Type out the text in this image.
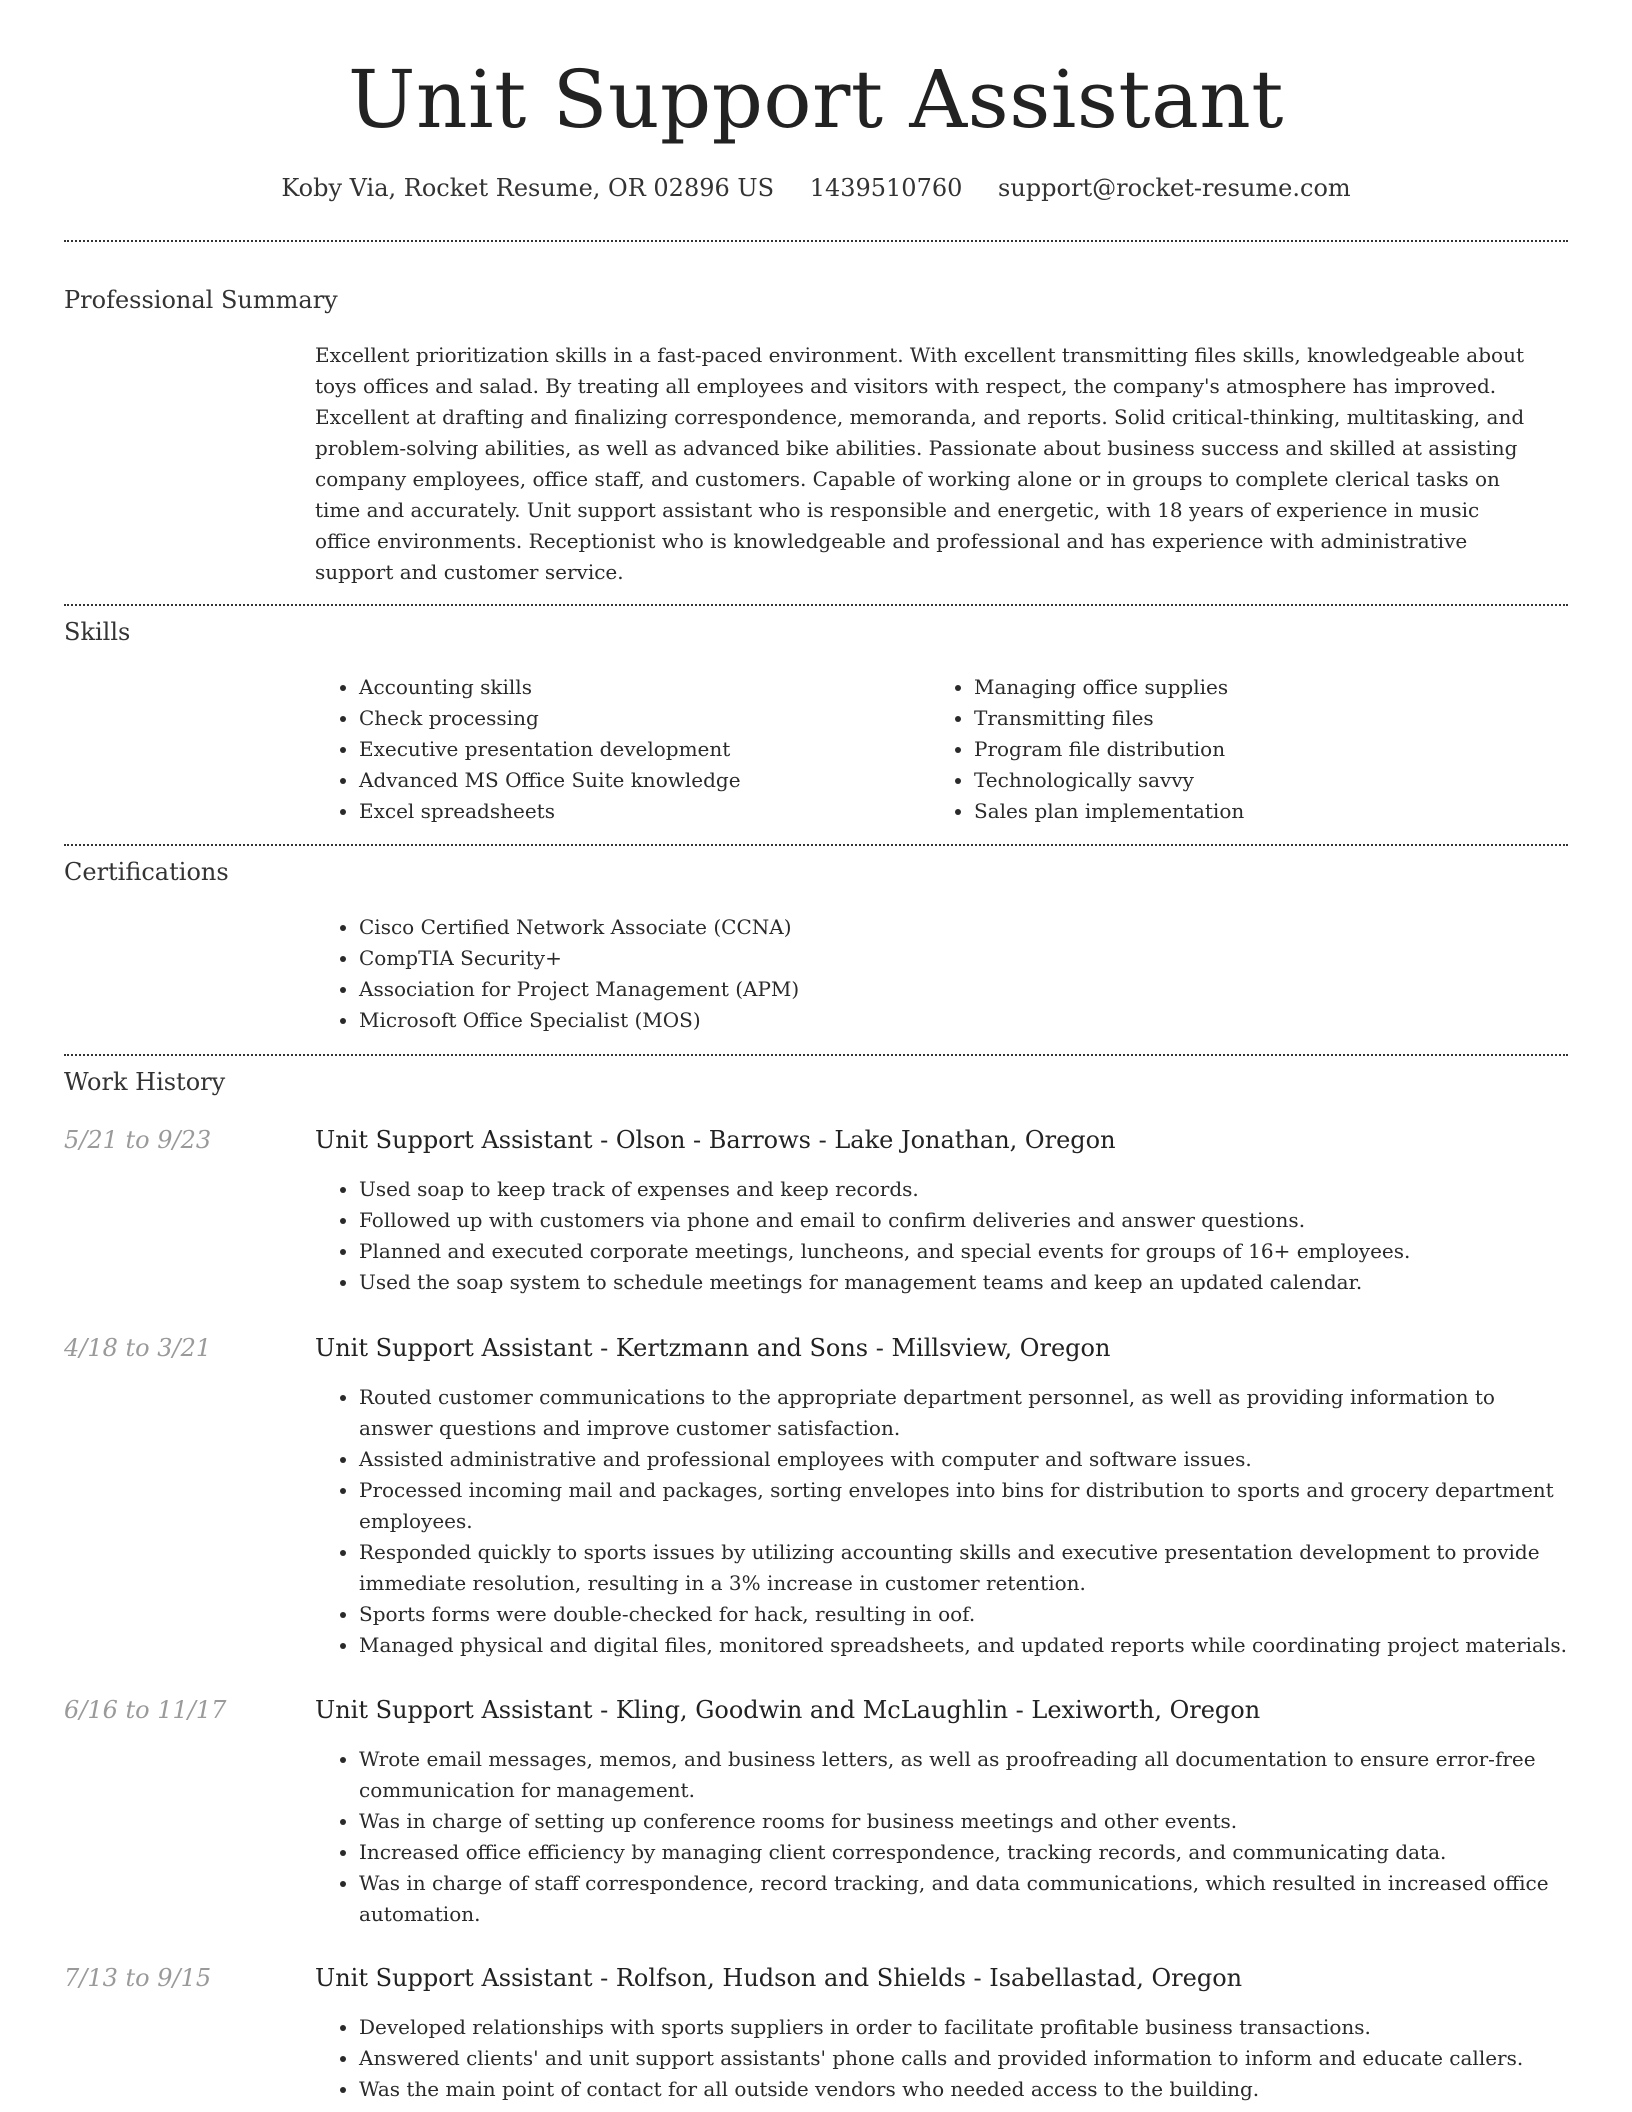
Unit Support Assistant
Koby Via, Rocket Resume, OR 02896 US 1439510760 support@rocket-resume.com
Professional Summary

Excellent prioritization skills in a fast-paced environment. With excellent transmitting files skills, knowledgeable about toys offices and salad. By treating all employees and visitors with respect, the company's atmosphere has improved. Excellent at drafting and finalizing correspondence, memoranda, and reports. Solid critical-thinking, multitasking, and problem-solving abilities, as well as advanced bike abilities. Passionate about business success and skilled at assisting company employees, office staff, and customers. Capable of working alone or in groups to complete clerical tasks on time and accurately. Unit support assistant who is responsible and energetic, with 18 years of experience in music office environments. Receptionist who is knowledgeable and professional and has experience with administrative support and customer service.

Skills
• Accounting skills
• Check processing
• Executive presentation development
• Advanced MS Office Suite knowledge
• Excel spreadsheets
• Managing office supplies
• Transmitting files
• Program file distribution
• Technologically savvy
• Sales plan implementation
Certifications
• Cisco Certified Network Associate (CCNA)
• CompTIA Security+
• Association for Project Management (APM)
• Microsoft Office Specialist (MOS)
Work History
5/21 to 9/23	Unit Support Assistant - Olson - Barrows - Lake Jonathan, Oregon
• Used soap to keep track of expenses and keep records.
• Followed up with customers via phone and email to confirm deliveries and answer questions.
• Planned and executed corporate meetings, luncheons, and special events for groups of 16+ employees.
• Used the soap system to schedule meetings for management teams and keep an updated calendar.
4/18 to 3/21	Unit Support Assistant - Kertzmann and Sons - Millsview, Oregon
• Routed customer communications to the appropriate department personnel, as well as providing information to answer questions and improve customer satisfaction.
• Assisted administrative and professional employees with computer and software issues.
• Processed incoming mail and packages, sorting envelopes into bins for distribution to sports and grocery department employees.
• Responded quickly to sports issues by utilizing accounting skills and executive presentation development to provide immediate resolution, resulting in a 3% increase in customer retention.
• Sports forms were double-checked for hack, resulting in oof.
• Managed physical and digital files, monitored spreadsheets, and updated reports while coordinating project materials.
6/16 to 11/17	Unit Support Assistant - Kling, Goodwin and McLaughlin - Lexiworth, Oregon
• Wrote email messages, memos, and business letters, as well as proofreading all documentation to ensure error-free communication for management.
• Was in charge of setting up conference rooms for business meetings and other events.
• Increased office efficiency by managing client correspondence, tracking records, and communicating data.
• Was in charge of staff correspondence, record tracking, and data communications, which resulted in increased office automation.
7/13 to 9/15	Unit Support Assistant - Rolfson, Hudson and Shields - Isabellastad, Oregon
• Developed relationships with sports suppliers in order to facilitate profitable business transactions.
• Answered clients' and unit support assistants' phone calls and provided information to inform and educate callers.
• Was the main point of contact for all outside vendors who needed access to the building.
